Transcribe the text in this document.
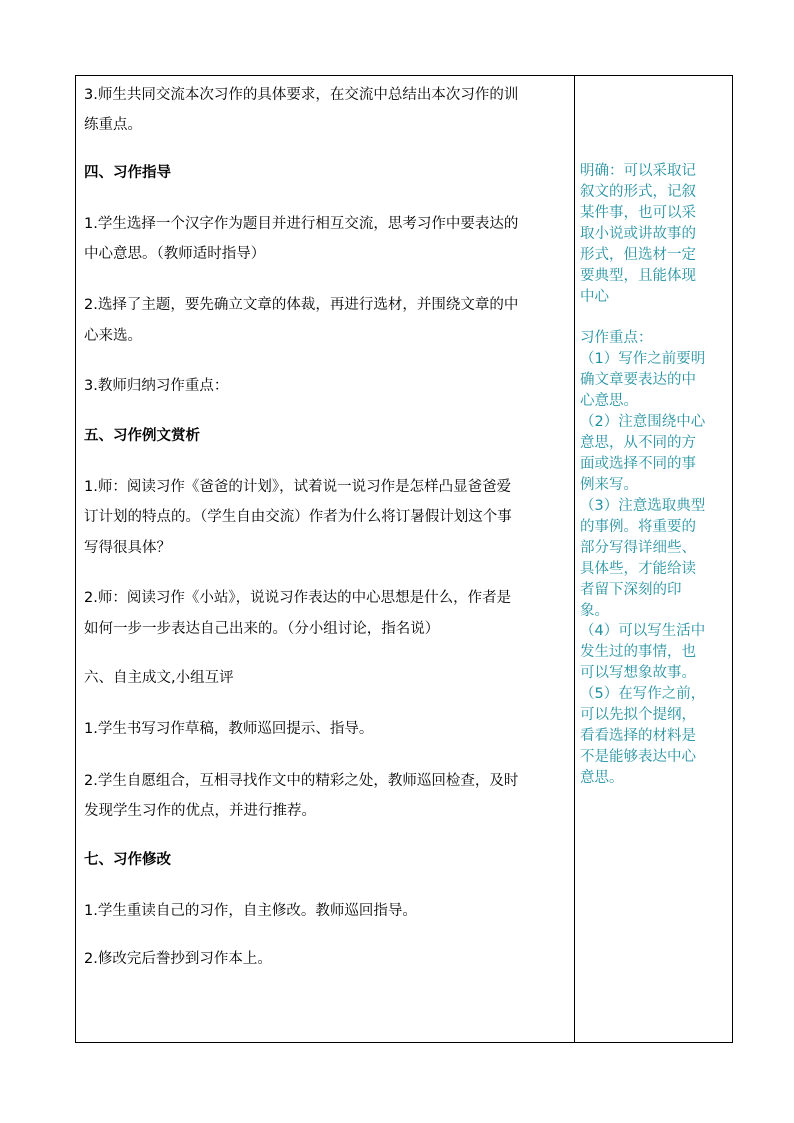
3.师生共同交流本次习作的具体要求，在交流中总结出本次习作的训
练重点。
四、习作指导
1.学生选择一个汉字作为题目并进行相互交流，思考习作中要表达的
中心意思。（教师适时指导）
2.选择了主题，要先确立文章的体裁，再进行选材，并围绕文章的中
心来选。
3.教师归纳习作重点：
五、习作例文赏析
1.师：阅读习作《爸爸的计划》，试着说一说习作是怎样凸显爸爸爱
订计划的特点的。（学生自由交流）作者为什么将订暑假计划这个事
写得很具体？
2.师：阅读习作《小站》，说说习作表达的中心思想是什么，作者是
如何一步一步表达自己出来的。（分小组讨论，指名说）
六、自主成文,小组互评
1.学生书写习作草稿，教师巡回提示、指导。
2.学生自愿组合，互相寻找作文中的精彩之处，教师巡回检查，及时
发现学生习作的优点，并进行推荐。
七、习作修改
1.学生重读自己的习作，自主修改。教师巡回指导。
2.修改完后誊抄到习作本上。
明确：可以采取记
叙文的形式，记叙
某件事，也可以采
取小说或讲故事的
形式，但选材一定
要典型，且能体现
中心
习作重点：
（1）写作之前要明
确文章要表达的中
心意思。
（2）注意围绕中心
意思，从不同的方
面或选择不同的事
例来写。
（3）注意选取典型
的事例。将重要的
部分写得详细些、
具体些，才能给读
者留下深刻的印
象。
（4）可以写生活中
发生过的事情，也
可以写想象故事。
（5）在写作之前，
可以先拟个提纲，
看看选择的材料是
不是能够表达中心
意思。
